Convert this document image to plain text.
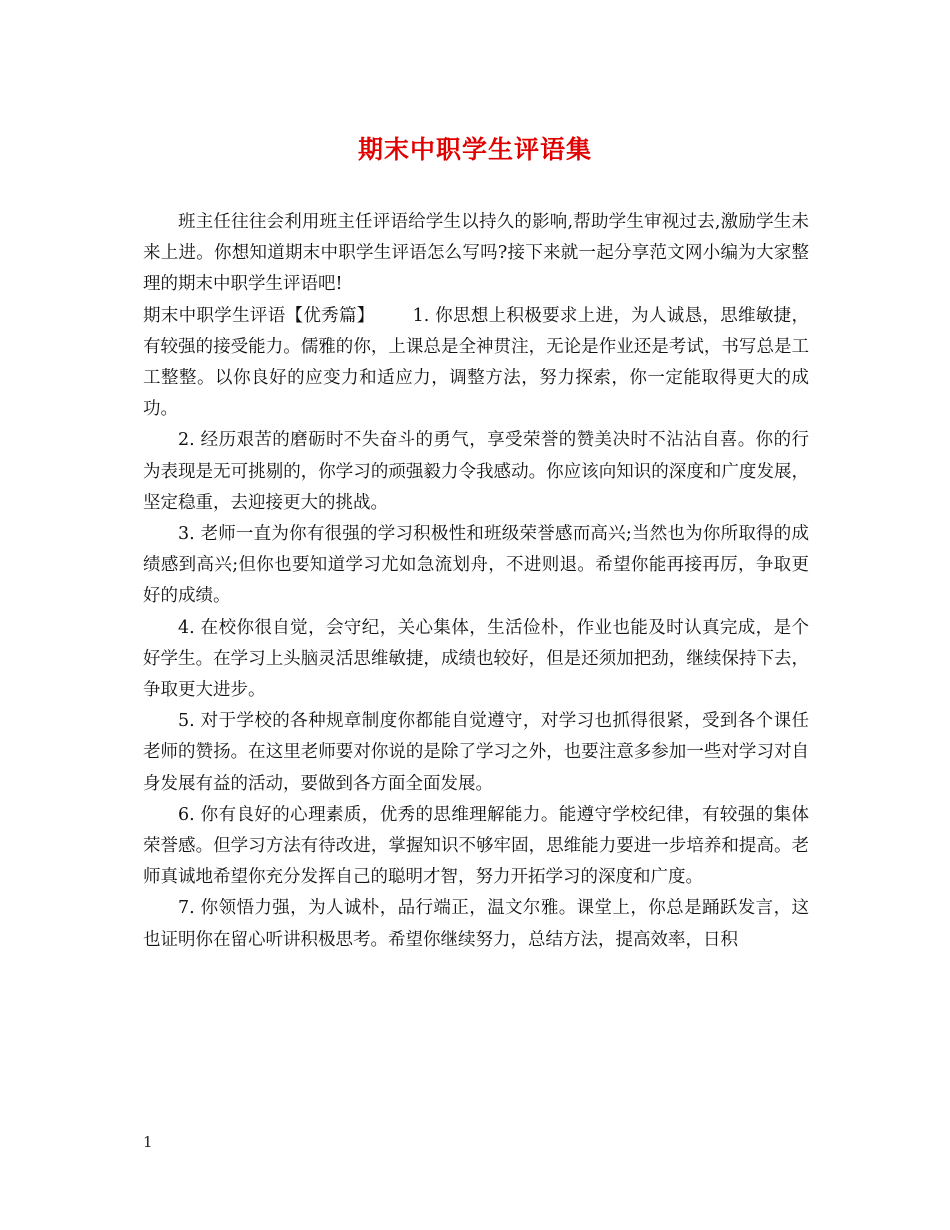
期末中职学生评语集

班主任往往会利用班主任评语给学生以持久的影响,帮助学生审视过去,激励学生未来上进。你想知道期末中职学生评语怎么写吗?接下来就一起分享范文网小编为大家整理的期末中职学生评语吧!

期末中职学生评语【优秀篇】 1. 你思想上积极要求上进，为人诚恳，思维敏捷，有较强的接受能力。儒雅的你，上课总是全神贯注，无论是作业还是考试，书写总是工工整整。以你良好的应变力和适应力，调整方法，努力探索，你一定能取得更大的成功。

2. 经历艰苦的磨砺时不失奋斗的勇气，享受荣誉的赞美决时不沾沾自喜。你的行为表现是无可挑剔的，你学习的顽强毅力令我感动。你应该向知识的深度和广度发展，坚定稳重，去迎接更大的挑战。

3. 老师一直为你有很强的学习积极性和班级荣誉感而高兴;当然也为你所取得的成绩感到高兴;但你也要知道学习尤如急流划舟，不进则退。希望你能再接再厉，争取更好的成绩。

4. 在校你很自觉，会守纪，关心集体，生活俭朴，作业也能及时认真完成，是个好学生。在学习上头脑灵活思维敏捷，成绩也较好，但是还须加把劲，继续保持下去，争取更大进步。

5. 对于学校的各种规章制度你都能自觉遵守，对学习也抓得很紧，受到各个课任老师的赞扬。在这里老师要对你说的是除了学习之外，也要注意多参加一些对学习对自身发展有益的活动，要做到各方面全面发展。

6. 你有良好的心理素质，优秀的思维理解能力。能遵守学校纪律，有较强的集体荣誉感。但学习方法有待改进，掌握知识不够牢固，思维能力要进一步培养和提高。老师真诚地希望你充分发挥自己的聪明才智，努力开拓学习的深度和广度。

7. 你领悟力强，为人诚朴，品行端正，温文尔雅。课堂上，你总是踊跃发言，这也证明你在留心听讲积极思考。希望你继续努力，总结方法，提高效率，日积

1
